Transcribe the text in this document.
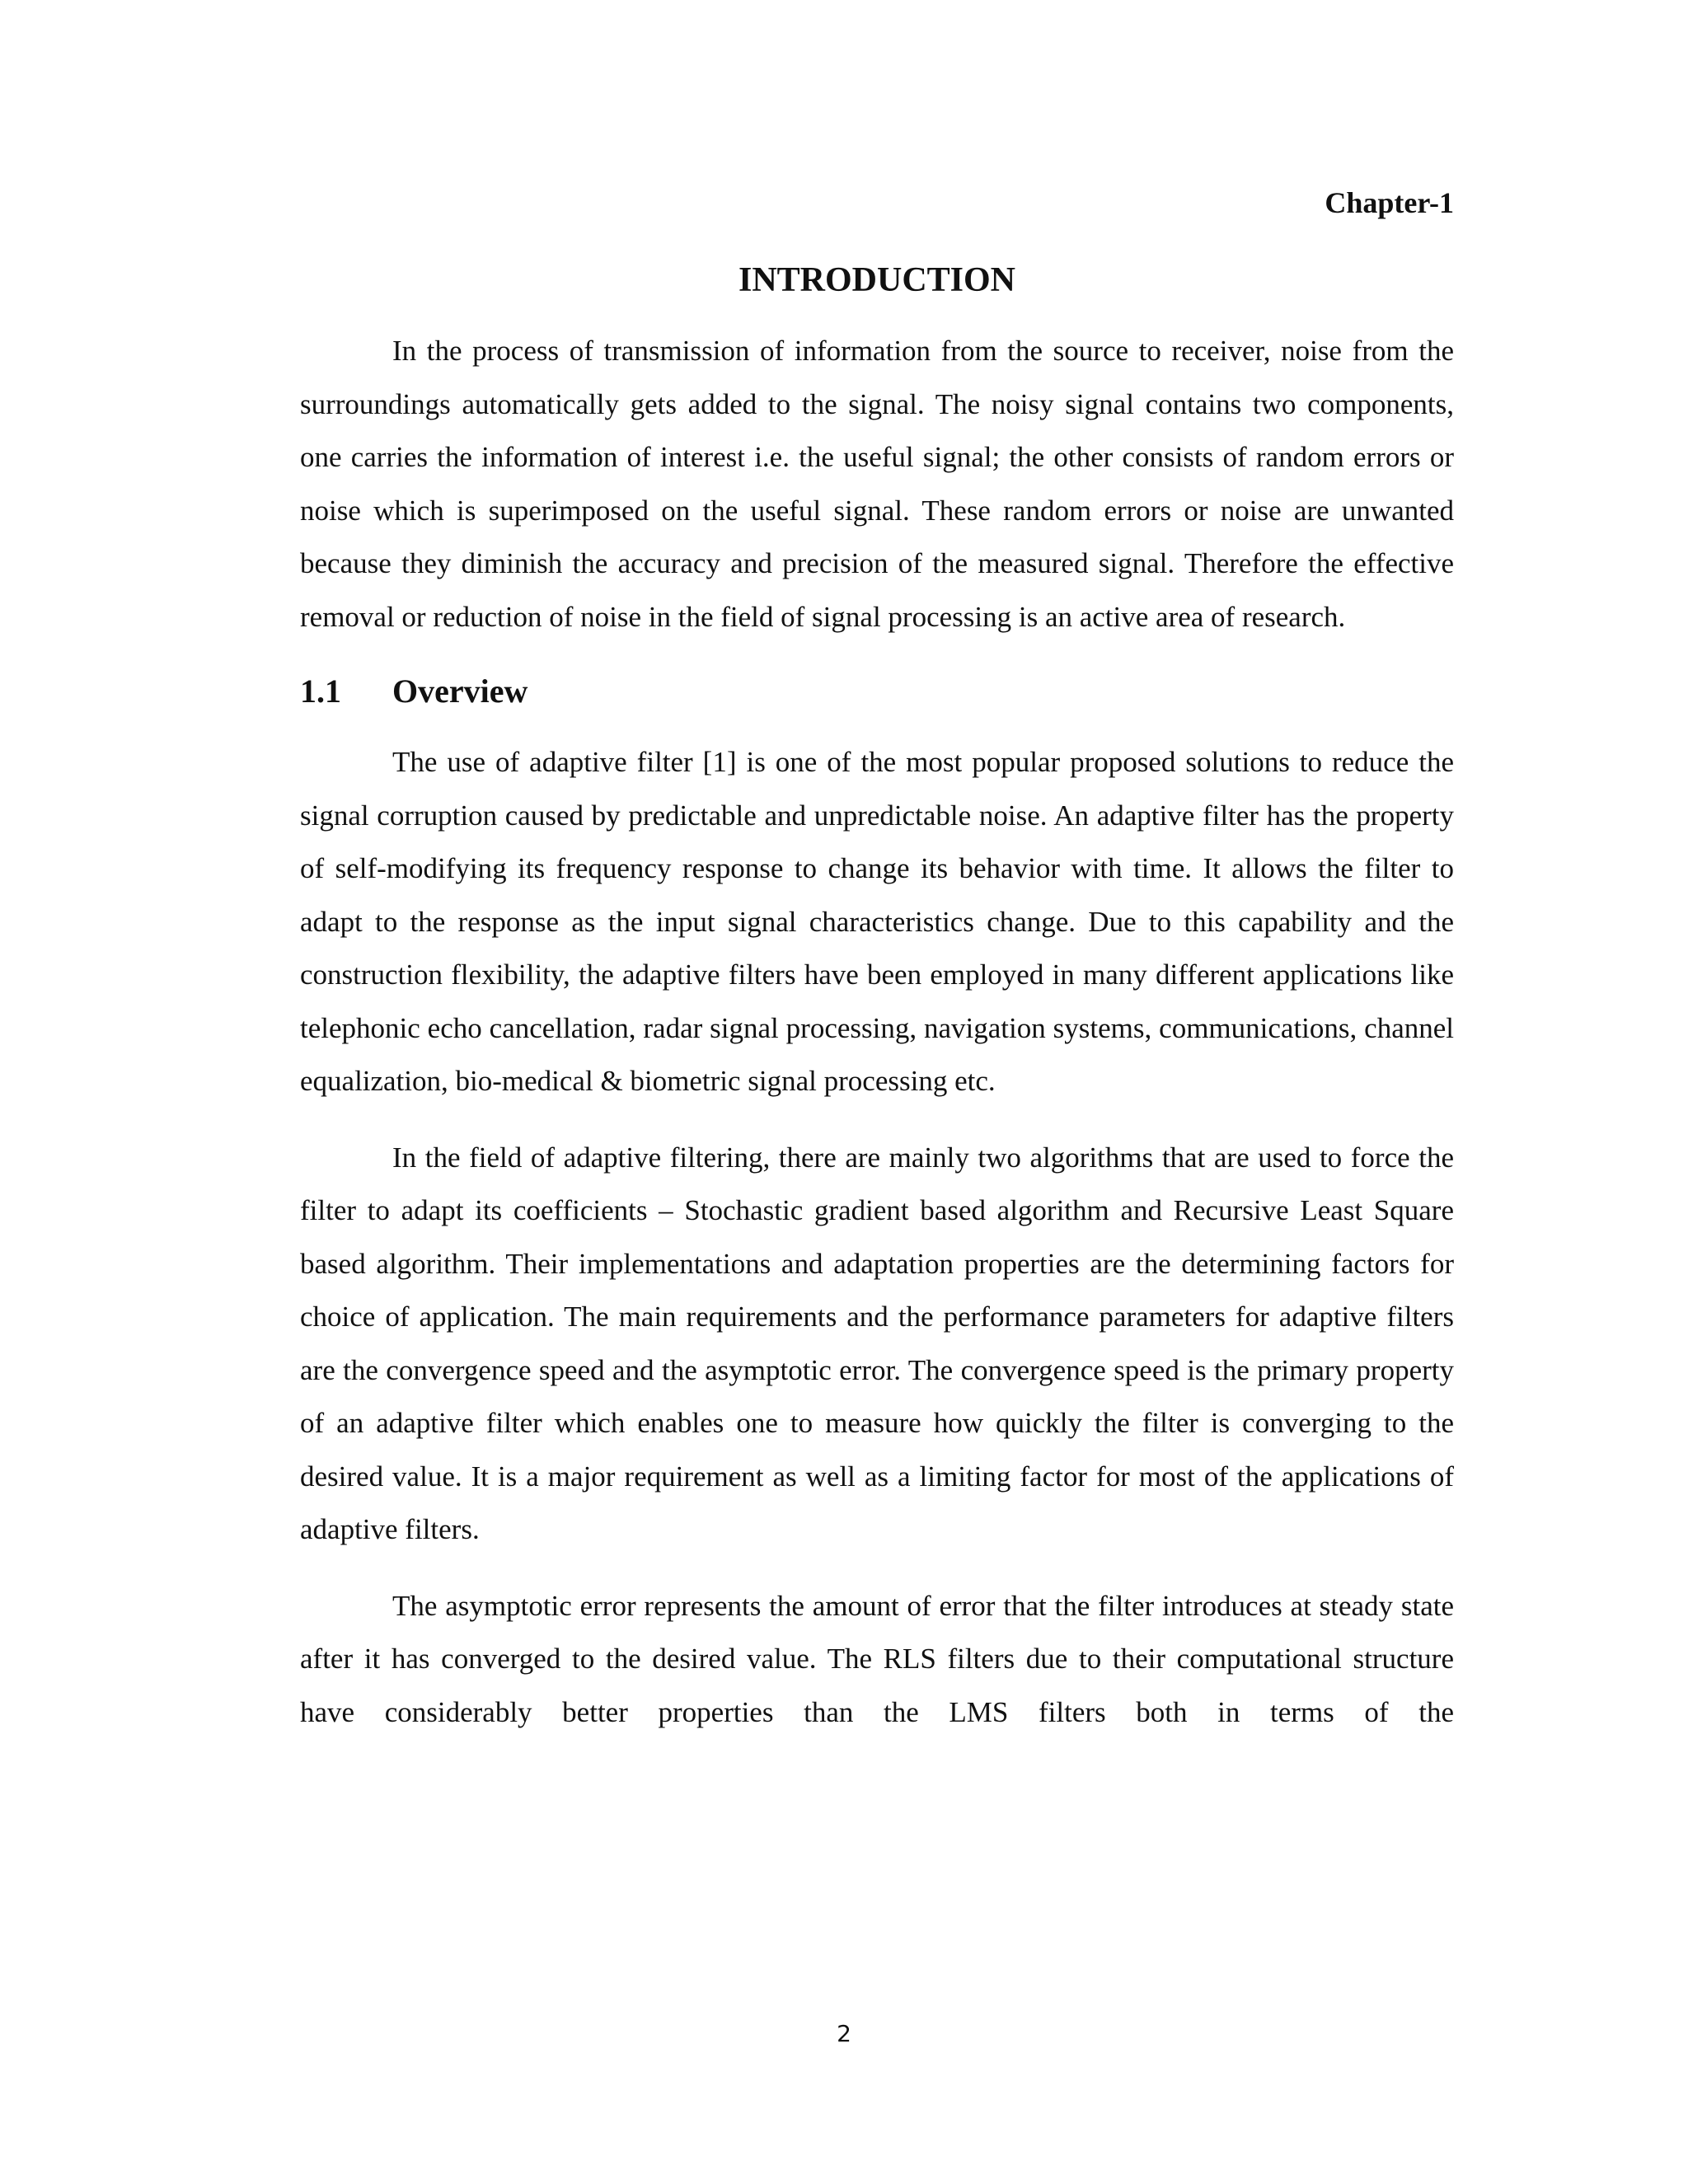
Chapter-1

INTRODUCTION

In the process of transmission of information from the source to receiver, noise from the surroundings automatically gets added to the signal. The noisy signal contains two components, one carries the information of interest i.e. the useful signal; the other consists of random errors or noise which is superimposed on the useful signal. These random errors or noise are unwanted because they diminish the accuracy and precision of the measured signal. Therefore the effective removal or reduction of noise in the field of signal processing is an active area of research.

1.1	Overview

The use of adaptive filter [1] is one of the most popular proposed solutions to reduce the signal corruption caused by predictable and unpredictable noise. An adaptive filter has the property of self-modifying its frequency response to change its behavior with time. It allows the filter to adapt to the response as the input signal characteristics change. Due to this capability and the construction flexibility, the adaptive filters have been employed in many different applications like telephonic echo cancellation, radar signal processing, navigation systems, communications, channel equalization, bio-medical & biometric signal processing etc.

In the field of adaptive filtering, there are mainly two algorithms that are used to force the filter to adapt its coefficients – Stochastic gradient based algorithm and Recursive Least Square based algorithm. Their implementations and adaptation properties are the determining factors for choice of application. The main requirements and the performance parameters for adaptive filters are the convergence speed and the asymptotic error. The convergence speed is the primary property of an adaptive filter which enables one to measure how quickly the filter is converging to the desired value. It is a major requirement as well as a limiting factor for most of the applications of adaptive filters.

The asymptotic error represents the amount of error that the filter introduces at steady state after it has converged to the desired value. The RLS filters due to their computational structure have considerably better properties than the LMS filters both in terms of the

2
